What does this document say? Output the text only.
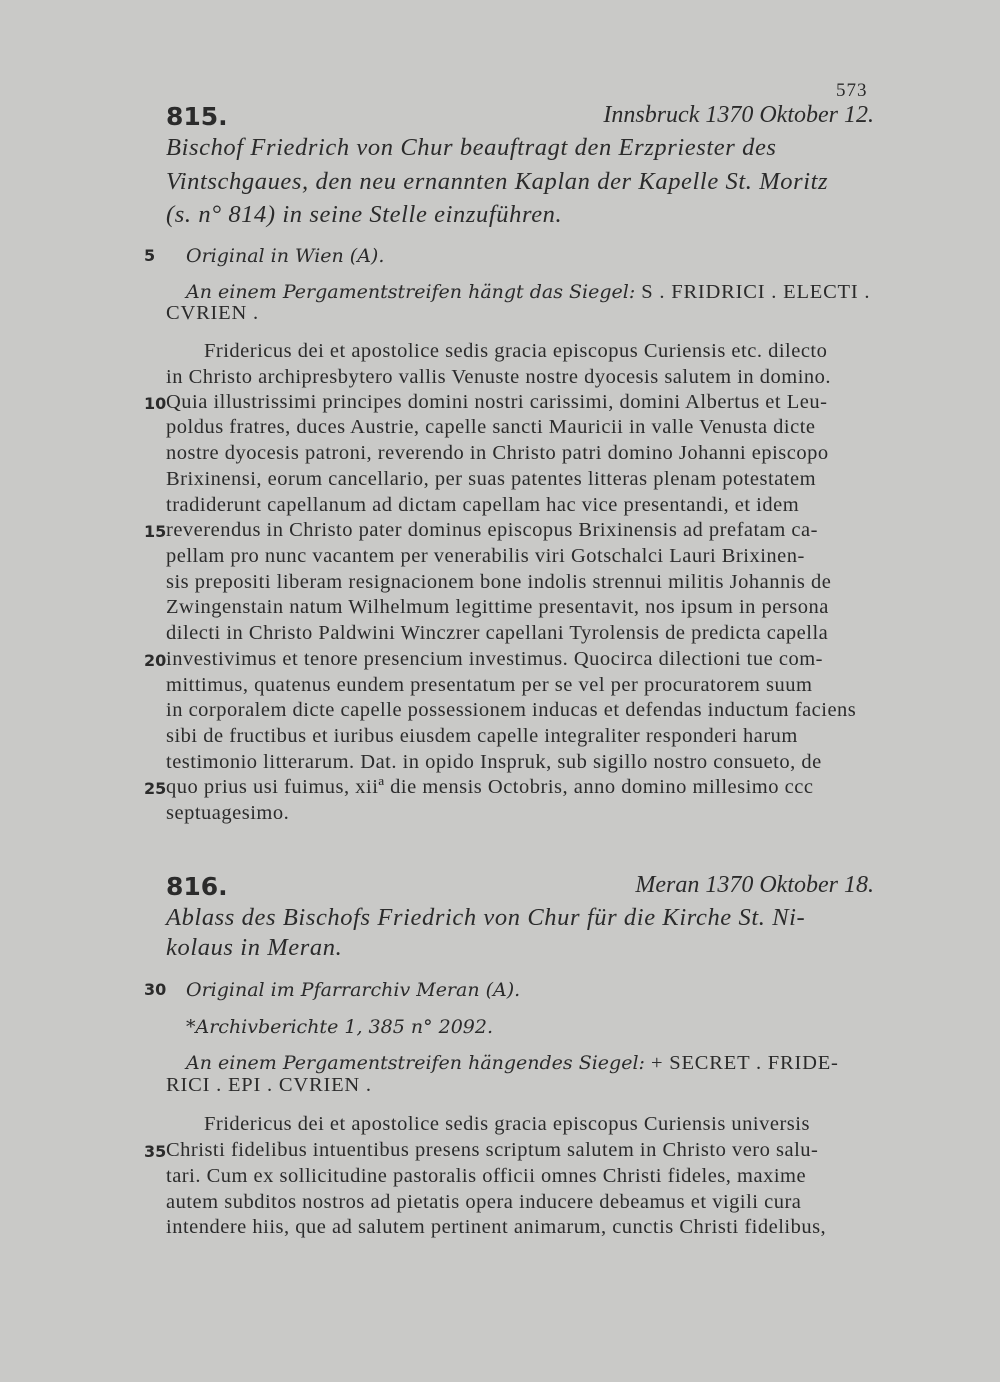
573
815.	Innsbruck 1370 Oktober 12.
Bischof Friedrich von Chur beauftragt den Erzpriester des
Vintschgaues, den neu ernannten Kaplan der Kapelle St. Moritz
(s. n° 814) in seine Stelle einzuführen.
5 Original in Wien (A).
An einem Pergamentstreifen hängt das Siegel: S . FRIDRICI . ELECTI .
CVRIEN .
Fridericus dei et apostolice sedis gracia episcopus Curiensis etc. dilecto
in Christo archipresbytero vallis Venuste nostre dyocesis salutem in domino.
10 Quia illustrissimi principes domini nostri carissimi, domini Albertus et Leu-
poldus fratres, duces Austrie, capelle sancti Mauricii in valle Venusta dicte
nostre dyocesis patroni, reverendo in Christo patri domino Johanni episcopo
Brixinensi, eorum cancellario, per suas patentes litteras plenam potestatem
tradiderunt capellanum ad dictam capellam hac vice presentandi, et idem
15 reverendus in Christo pater dominus episcopus Brixinensis ad prefatam ca-
pellam pro nunc vacantem per venerabilis viri Gotschalci Lauri Brixinen-
sis prepositi liberam resignacionem bone indolis strennui militis Johannis de
Zwingenstain natum Wilhelmum legittime presentavit, nos ipsum in persona
dilecti in Christo Paldwini Winczrer capellani Tyrolensis de predicta capella
20 investivimus et tenore presencium investimus. Quocirca dilectioni tue com-
mittimus, quatenus eundem presentatum per se vel per procuratorem suum
in corporalem dicte capelle possessionem inducas et defendas inductum faciens
sibi de fructibus et iuribus eiusdem capelle integraliter responderi harum
testimonio litterarum. Dat. in opido Inspruk, sub sigillo nostro consueto, de
25 quo prius usi fuimus, xiiª die mensis Octobris, anno domino millesimo ccc
septuagesimo.
816.	Meran 1370 Oktober 18.
Ablass des Bischofs Friedrich von Chur für die Kirche St. Ni-
kolaus in Meran.
30 Original im Pfarrarchiv Meran (A).
*Archivberichte 1, 385 n° 2092.
An einem Pergamentstreifen hängendes Siegel: + SECRET . FRIDE-
RICI . EPI . CVRIEN .
Fridericus dei et apostolice sedis gracia episcopus Curiensis universis
35 Christi fidelibus intuentibus presens scriptum salutem in Christo vero salu-
tari. Cum ex sollicitudine pastoralis officii omnes Christi fideles, maxime
autem subditos nostros ad pietatis opera inducere debeamus et vigili cura
intendere hiis, que ad salutem pertinent animarum, cunctis Christi fidelibus,
